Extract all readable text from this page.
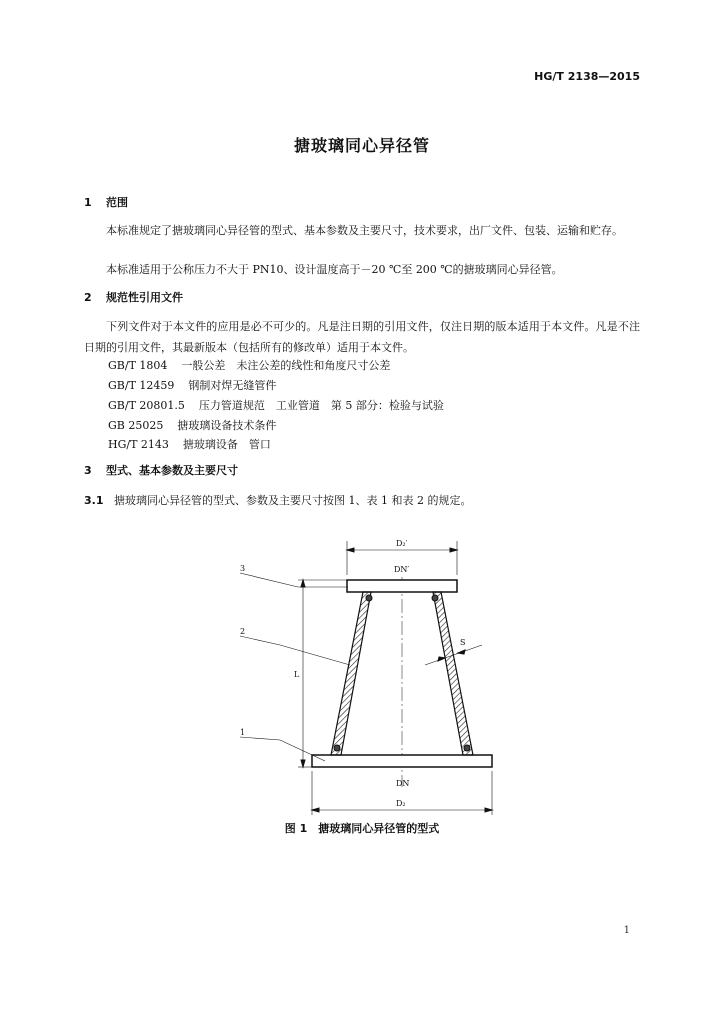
HG/T 2138—2015
搪玻璃同心异径管
1 范围
本标准规定了搪玻璃同心异径管的型式、基本参数及主要尺寸，技术要求，出厂文件、包装、运输和贮存。
本标准适用于公称压力不大于 PN10、设计温度高于－20 ℃至 200 ℃的搪玻璃同心异径管。
2 规范性引用文件
下列文件对于本文件的应用是必不可少的。凡是注日期的引用文件，仅注日期的版本适用于本文件。凡是不注日期的引用文件，其最新版本（包括所有的修改单）适用于本文件。
GB/T 1804 一般公差　未注公差的线性和角度尺寸公差
GB/T 12459 钢制对焊无缝管件
GB/T 20801.5 压力管道规范　工业管道　第 5 部分：检验与试验
GB 25025 搪玻璃设备技术条件
HG/T 2143 搪玻璃设备　管口
3 型式、基本参数及主要尺寸
3.1 搪玻璃同心异径管的型式、参数及主要尺寸按图 1、表 1 和表 2 的规定。
D₂′
DN′
DN
D₂
L
S
3
2
1
图 1　搪玻璃同心异径管的型式
1
